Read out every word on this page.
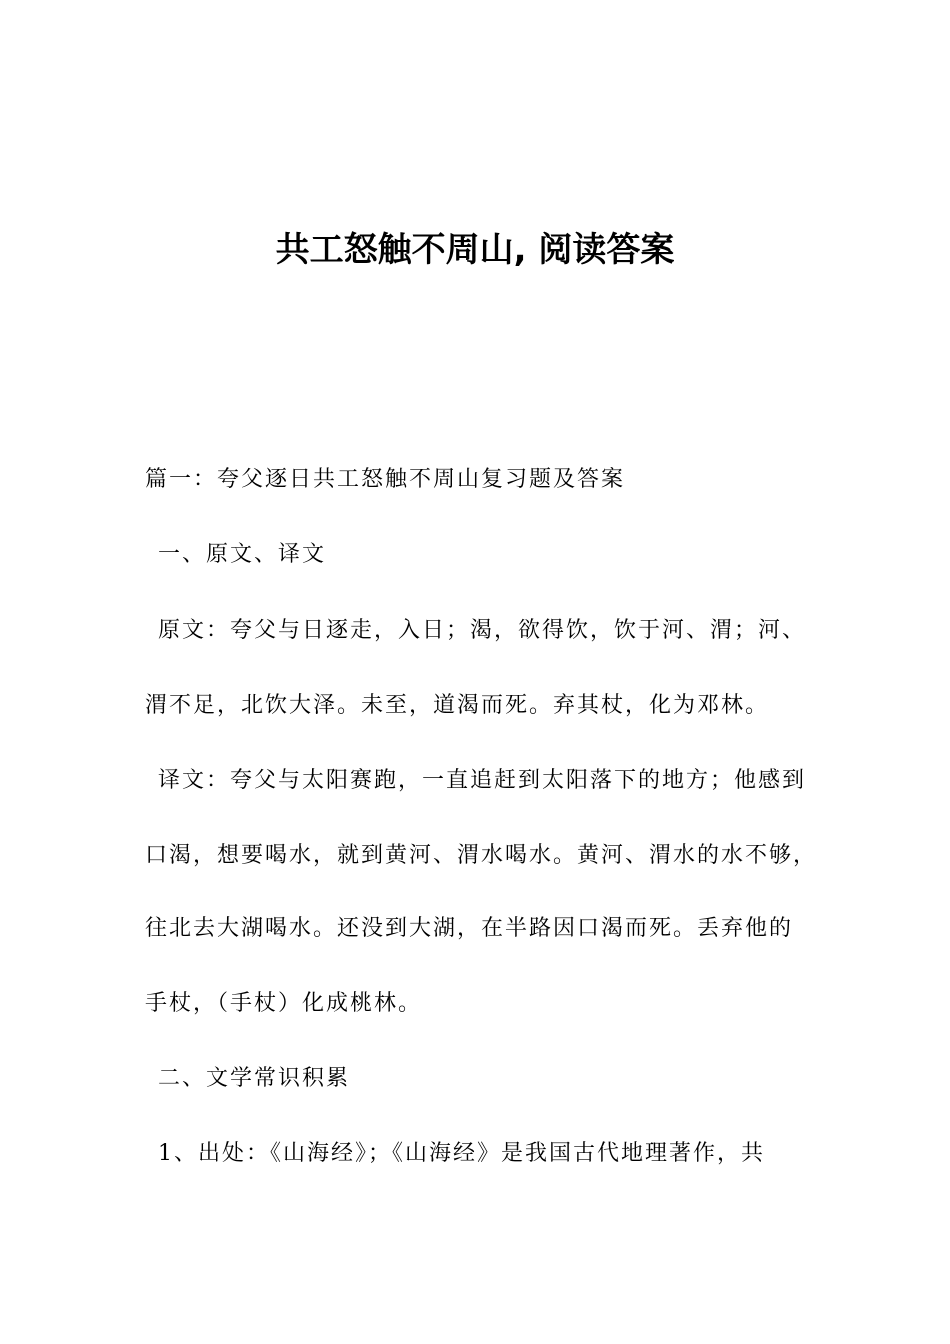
共工怒触不周山, 阅读答案
篇一：夸父逐日共工怒触不周山复习题及答案
一、原文、译文
原文：夸父与日逐走，入日；渴，欲得饮，饮于河、渭；河、
渭不足，北饮大泽。未至，道渴而死。弃其杖，化为邓林。
译文：夸父与太阳赛跑，一直追赶到太阳落下的地方；他感到
口渴，想要喝水，就到黄河、渭水喝水。黄河、渭水的水不够，
往北去大湖喝水。还没到大湖，在半路因口渴而死。丢弃他的
手杖，（手杖）化成桃林。
二、文学常识积累
1、出处：《山海经》；《山海经》是我国古代地理著作，共
